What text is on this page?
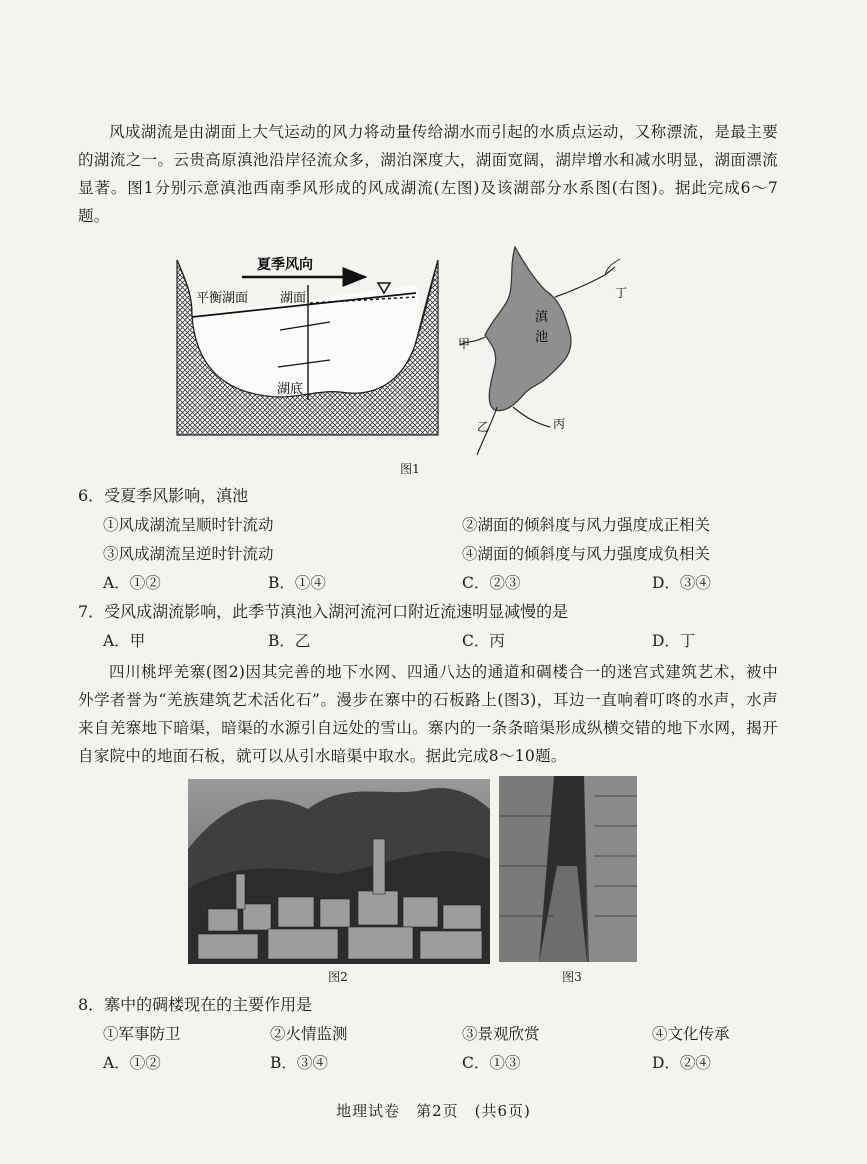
风成湖流是由湖面上大气运动的风力将动量传给湖水而引起的水质点运动，又称漂流，是最主要的湖流之一。云贵高原滇池沿岸径流众多，湖泊深度大，湖面宽阔，湖岸增水和减水明显，湖面漂流显著。图1分别示意滇池西南季风形成的风成湖流(左图)及该湖部分水系图(右图)。据此完成6～7题。

夏季风向
平衡湖面 湖面
湖底
滇
池
甲
乙	丙
丁
图1

6．受夏季风影响，滇池

①风成湖流呈顺时针流动	②湖面的倾斜度与风力强度成正相关
③风成湖流呈逆时针流动	④湖面的倾斜度与风力强度成负相关
A．①②	B．①④	C．②③	D．③④

7．受风成湖流影响，此季节滇池入湖河流河口附近流速明显减慢的是

A．甲	B．乙	C．丙	D．丁

四川桃坪羌寨(图2)因其完善的地下水网、四通八达的通道和碉楼合一的迷宫式建筑艺术，被中外学者誉为“羌族建筑艺术活化石”。漫步在寨中的石板路上(图3)，耳边一直响着叮咚的水声，水声来自羌寨地下暗渠，暗渠的水源引自远处的雪山。寨内的一条条暗渠形成纵横交错的地下水网，揭开自家院中的地面石板，就可以从引水暗渠中取水。据此完成8～10题。

图2	图3

8．寨中的碉楼现在的主要作用是

①军事防卫	②火情监测	③景观欣赏	④文化传承
A．①②	B．③④	C．①③	D．②④
地理试卷　第2页　(共6页)
